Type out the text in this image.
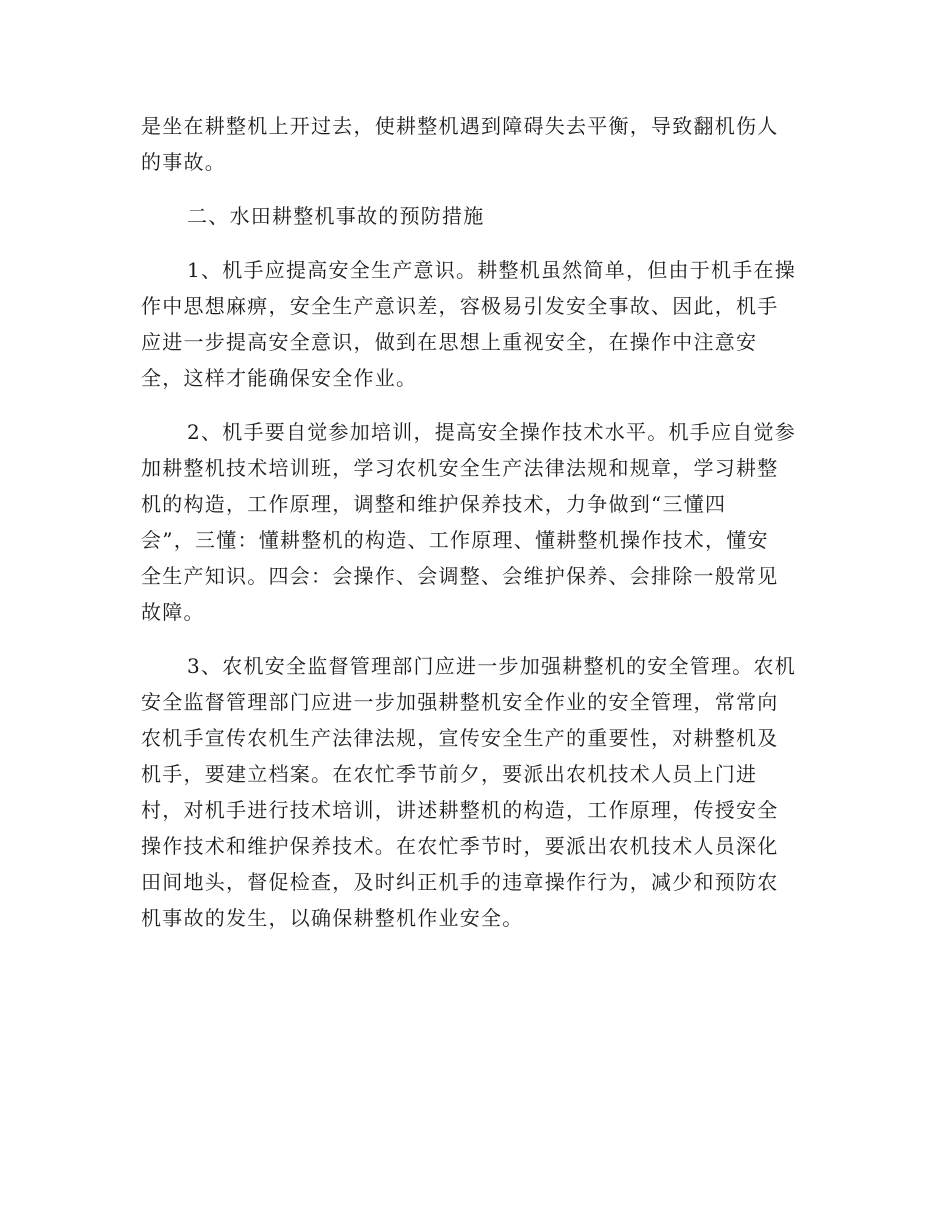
是坐在耕整机上开过去，使耕整机遇到障碍失去平衡，导致翻机伤人
的事故。
二、水田耕整机事故的预防措施
1、机手应提高安全生产意识。耕整机虽然简单，但由于机手在操
作中思想麻痹，安全生产意识差，容极易引发安全事故、因此，机手
应进一步提高安全意识，做到在思想上重视安全，在操作中注意安
全，这样才能确保安全作业。
2、机手要自觉参加培训，提高安全操作技术水平。机手应自觉参
加耕整机技术培训班，学习农机安全生产法律法规和规章，学习耕整
机的构造，工作原理，调整和维护保养技术，力争做到“三懂四
会”，三懂：懂耕整机的构造、工作原理、懂耕整机操作技术，懂安
全生产知识。四会：会操作、会调整、会维护保养、会排除一般常见
故障。
3、农机安全监督管理部门应进一步加强耕整机的安全管理。农机
安全监督管理部门应进一步加强耕整机安全作业的安全管理，常常向
农机手宣传农机生产法律法规，宣传安全生产的重要性，对耕整机及
机手，要建立档案。在农忙季节前夕，要派出农机技术人员上门进
村，对机手进行技术培训，讲述耕整机的构造，工作原理，传授安全
操作技术和维护保养技术。在农忙季节时，要派出农机技术人员深化
田间地头，督促检查，及时纠正机手的违章操作行为，减少和预防农
机事故的发生，以确保耕整机作业安全。
